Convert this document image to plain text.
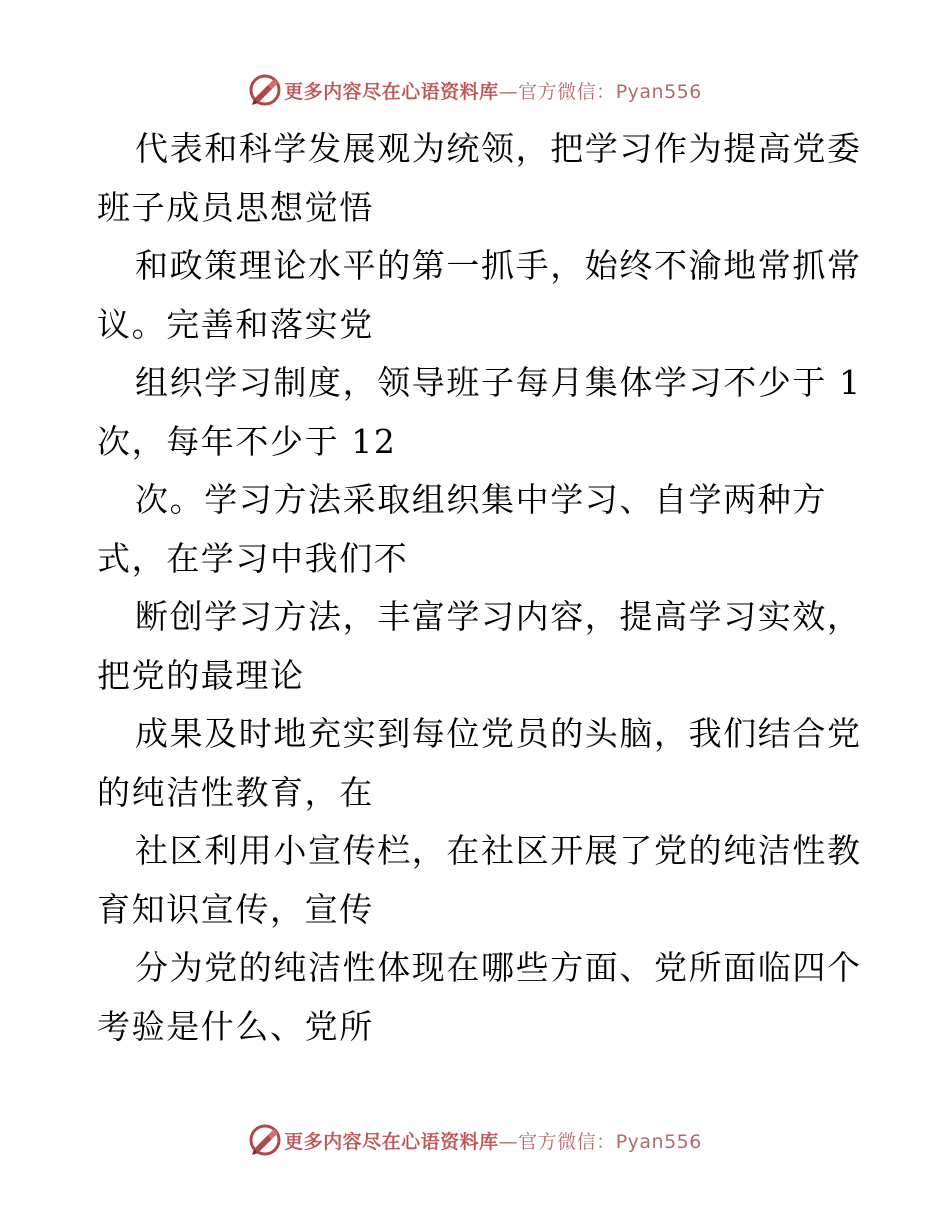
更多内容尽在心语资料库—官方微信：Pyan556
代表和科学发展观为统领，把学习作为提高党委
班子成员思想觉悟
和政策理论水平的第一抓手，始终不渝地常抓常
议。完善和落实党
组织学习制度，领导班子每月集体学习不少于 1
次，每年不少于 12
次。学习方法采取组织集中学习、自学两种方
式，在学习中我们不
断创学习方法，丰富学习内容，提高学习实效，
把党的最理论
成果及时地充实到每位党员的头脑，我们结合党
的纯洁性教育，在
社区利用小宣传栏，在社区开展了党的纯洁性教
育知识宣传，宣传
分为党的纯洁性体现在哪些方面、党所面临四个
考验是什么、党所
更多内容尽在心语资料库—官方微信：Pyan556
